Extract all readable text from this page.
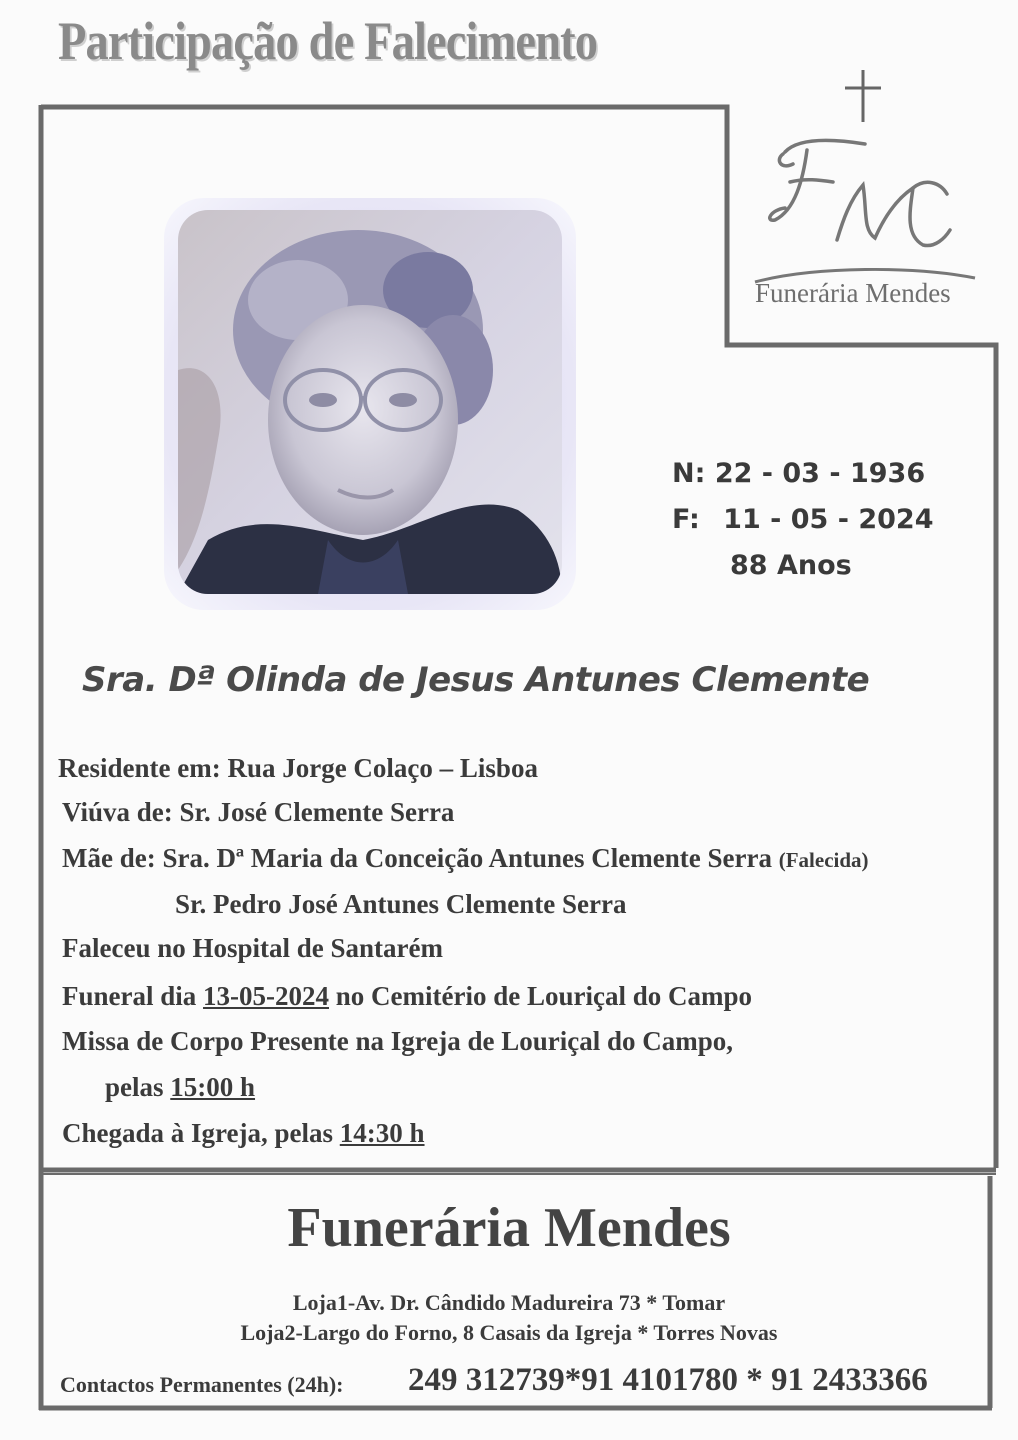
Participação de Falecimento
Funerária Mendes
N: 22 - 03 - 1936
F: 11 - 05 - 2024
88 Anos
Sra. Dª Olinda de Jesus Antunes Clemente
Residente em: Rua Jorge Colaço – Lisboa
Viúva de: Sr. José Clemente Serra
Mãe de: Sra. Dª Maria da Conceição Antunes Clemente Serra (Falecida)
Sr. Pedro José Antunes Clemente Serra
Faleceu no Hospital de Santarém
Funeral dia 13-05-2024 no Cemitério de Louriçal do Campo
Missa de Corpo Presente na Igreja de Louriçal do Campo,
pelas 15:00 h
Chegada à Igreja, pelas 14:30 h
Funerária Mendes
Loja1-Av. Dr. Cândido Madureira 73 * Tomar
Loja2-Largo do Forno, 8 Casais da Igreja * Torres Novas
Contactos Permanentes (24h): 249 312739*91 4101780 * 91 2433366
